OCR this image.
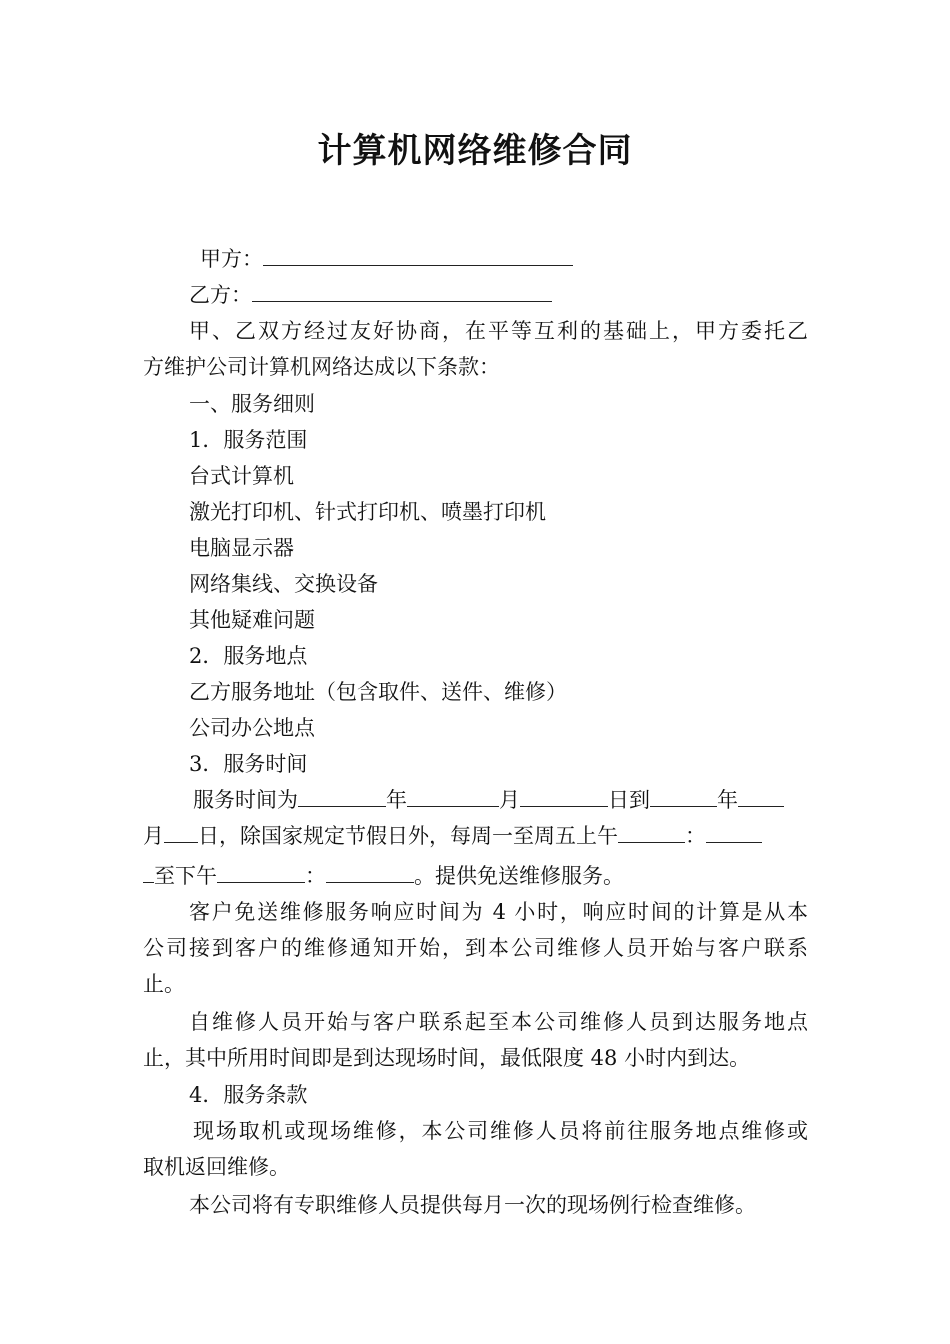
计算机网络维修合同
甲方：
乙方：
甲、乙双方经过友好协商，在平等互利的基础上，甲方委托乙
方维护公司计算机网络达成以下条款：
一、服务细则
1．服务范围
台式计算机
激光打印机、针式打印机、喷墨打印机
电脑显示器
网络集线、交换设备
其他疑难问题
2．服务地点
乙方服务地址（包含取件、送件、维修）
公司办公地点
3．服务时间
服务时间为	年	月	日到	年
月 日，除国家规定节假日外，每周一至周五上午	：
至下午	：	。提供免送维修服务。
客户免送维修服务响应时间为 4 小时，响应时间的计算是从本
公司接到客户的维修通知开始，到本公司维修人员开始与客户联系
止。
自维修人员开始与客户联系起至本公司维修人员到达服务地点
止，其中所用时间即是到达现场时间，最低限度 48 小时内到达。
4．服务条款
现场取机或现场维修，本公司维修人员将前往服务地点维修或
取机返回维修。
本公司将有专职维修人员提供每月一次的现场例行检查维修。
